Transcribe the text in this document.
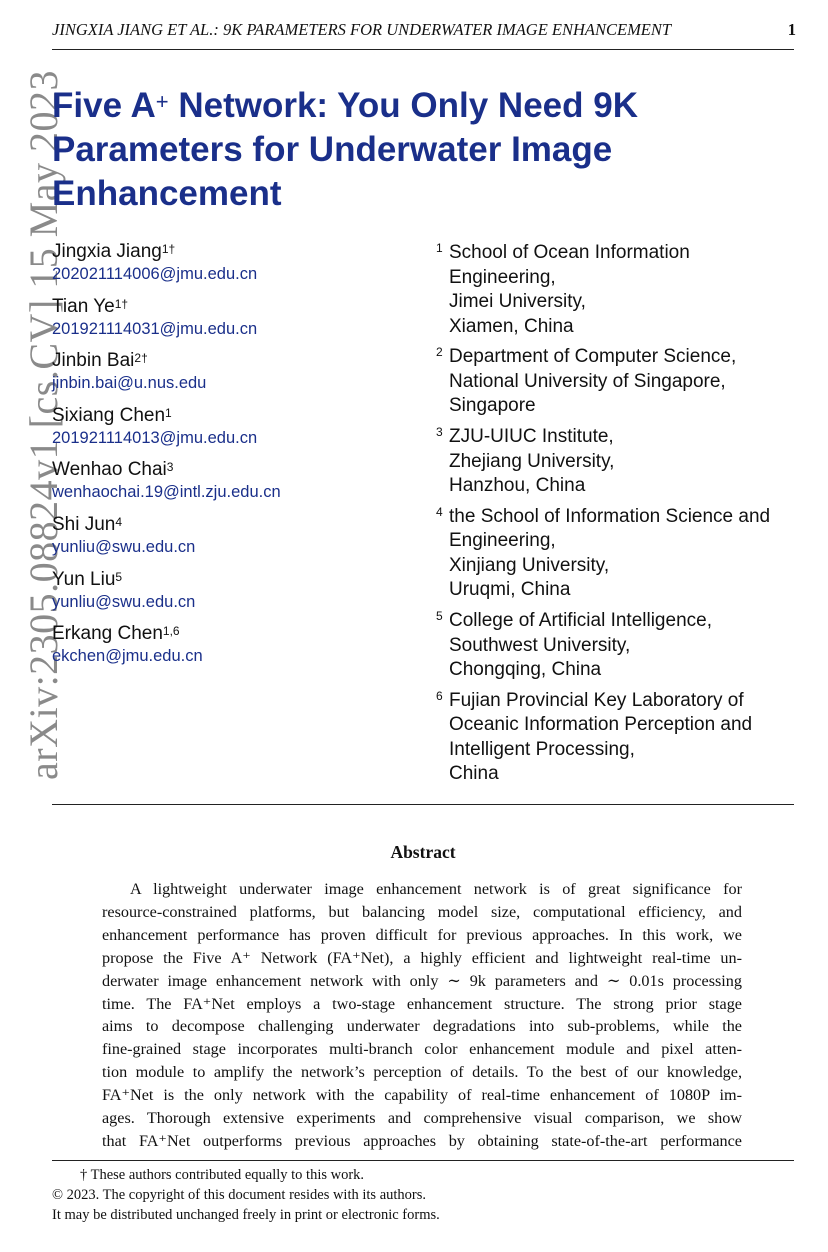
JINGXIA JIANG ET AL.: 9K PARAMETERS FOR UNDERWATER IMAGE ENHANCEMENT	1
arXiv:2305.08824v1 [cs.CV] 15 May 2023
Five A+ Network: You Only Need 9K
Parameters for Underwater Image
Enhancement
Jingxia Jiang$^{1\dagger}$
202021114006@jmu.edu.cn
Tian $Ye^{1\dagger}$
201921114031@jmu.edu.cn
Jinbin Bai$^{2\dagger}$
jinbin.bai@u.nus.edu
Sixiang Chen$^1$
201921114013@jmu.edu.cn
Wenhao Chai$^3$
wenhaochai.19@intl.zju.edu.cn
Shi Jun$^4$
yunliu@swu.edu.cn
Yun Liu$^5$
yunliu@swu.edu.cn
Erkang Chen$^{1,6}$
ekchen@jmu.edu.cn
1 School of Ocean Information
Engineering,
Jimei University,
Xiamen, China
2 Department of Computer Science,
National University of Singapore,
Singapore
3 ZJU-UIUC Institute,
Zhejiang University,
Hanzhou, China
4 the School of Information Science and
Engineering,
Xinjiang University,
Uruqmi, China
5 College of Artificial Intelligence,
Southwest University,
Chongqing, China
6 Fujian Provincial Key Laboratory of
Oceanic Information Perception and
Intelligent Processing,
China
Abstract
A lightweight underwater image enhancement network is of great significance for
resource-constrained platforms, but balancing model size, computational efficiency, and
enhancement performance has proven difficult for previous approaches. In this work, we
propose the Five A⁺ Network (FA⁺Net), a highly efficient and lightweight real-time un-
derwater image enhancement network with only ∼ 9k parameters and ∼ 0.01s processing
time. The FA⁺Net employs a two-stage enhancement structure. The strong prior stage
aims to decompose challenging underwater degradations into sub-problems, while the
fine-grained stage incorporates multi-branch color enhancement module and pixel atten-
tion module to amplify the network’s perception of details. To the best of our knowledge,
FA⁺Net is the only network with the capability of real-time enhancement of 1080P im-
ages. Thorough extensive experiments and comprehensive visual comparison, we show
that FA⁺Net outperforms previous approaches by obtaining state-of-the-art performance
† These authors contributed equally to this work.
© 2023. The copyright of this document resides with its authors.
It may be distributed unchanged freely in print or electronic forms.
